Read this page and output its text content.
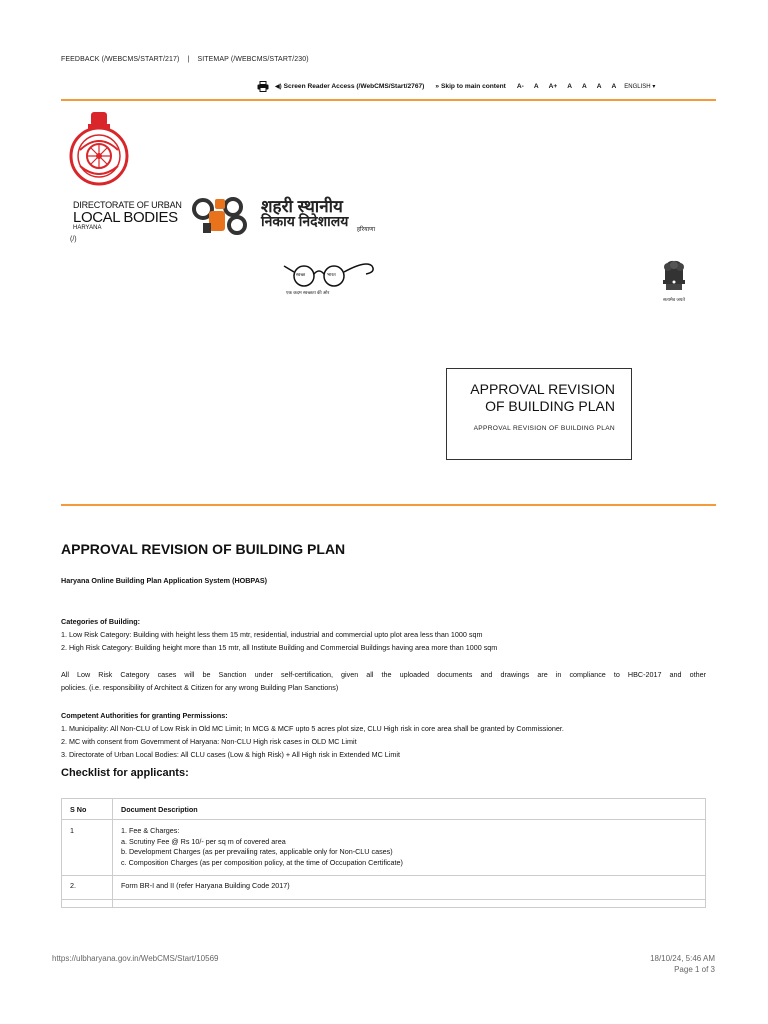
FEEDBACK (/WEBCMS/START/217) | SITEMAP (/WEBCMS/START/230)
◀) Screen Reader Access (/WebCMS/Start/2767) » Skip to main content A- A A+ A A A A ENGLISH ▾
DIRECTORATE OF URBAN
LOCAL BODIES
HARYANA
शहरी स्थानीय
निकाय निदेशालय
हरियाणा
(/)
स्वच्छ	भारत
एक कदम स्वच्छता की ओर
सत्यमेव जयते
APPROVAL REVISION OF BUILDING PLAN
APPROVAL REVISION OF BUILDING PLAN
APPROVAL REVISION OF BUILDING PLAN
Haryana Online Building Plan Application System (HOBPAS)
Categories of Building:
1. Low Risk Category: Building with height less them 15 mtr, residential, industrial and commercial upto plot area less than 1000 sqm
2. High Risk Category: Building height more than 15 mtr, all Institute Building and Commercial Buildings having area more than 1000 sqm
All Low Risk Category cases will be Sanction under self-certification, given all the uploaded documents and drawings are in compliance to HBC-2017 and other
policies. (i.e. responsibility of Architect & Citizen for any wrong Building Plan Sanctions)
Competent Authorities for granting Permissions:
1. Municipality: All Non-CLU of Low Risk in Old MC Limit; In MCG & MCF upto 5 acres plot size, CLU High risk in core area shall be granted by Commissioner.
2. MC with consent from Government of Haryana: Non-CLU High risk cases in OLD MC Limit
3. Directorate of Urban Local Bodies: All CLU cases (Low & high Risk) + All High risk in Extended MC Limit
Checklist for applicants:
S No	Document Description
1	1. Fee & Charges:
a. Scrutiny Fee @ Rs 10/- per sq m of covered area
b. Development Charges (as per prevailing rates, applicable only for Non-CLU cases)
c. Composition Charges (as per composition policy, at the time of Occupation Certificate)

2.	Form BR-I and II (refer Haryana Building Code 2017)

https://ulbharyana.gov.in/WebCMS/Start/10569	18/10/24, 5:46 AM
Page 1 of 3
